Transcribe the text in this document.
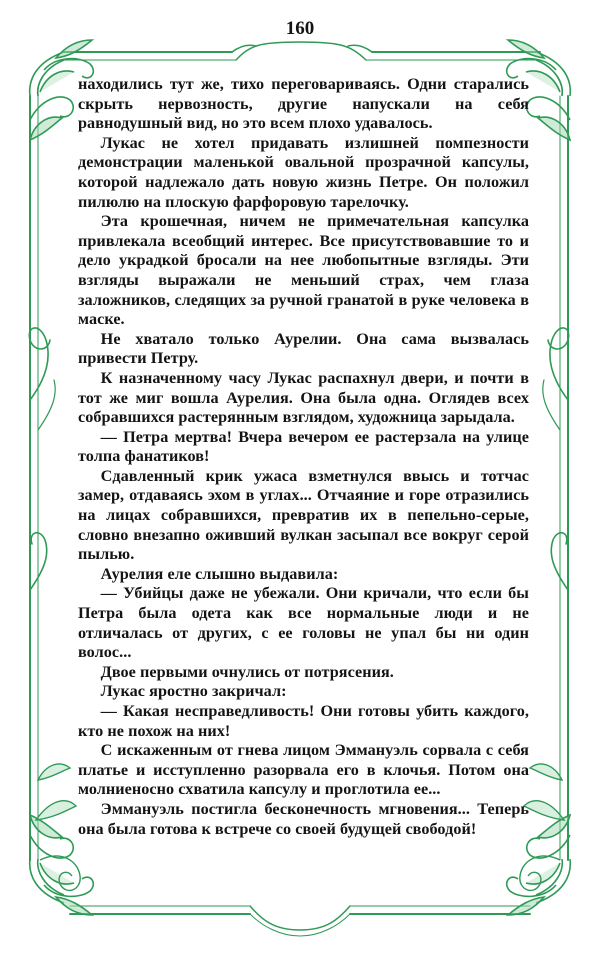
160

находились тут же, тихо переговариваясь. Одни старались скрыть нервозность, другие напускали на себя равнодушный вид, но это всем плохо удавалось.

Лукас не хотел придавать излишней помпезности демонстрации маленькой овальной прозрачной капсулы, которой надлежало дать новую жизнь Петре. Он положил пилюлю на плоскую фарфоровую тарелочку.

Эта крошечная, ничем не примечательная капсулка привлекала всеобщий интерес. Все присутствовавшие то и дело украдкой бросали на нее любопытные взгляды. Эти взгляды выражали не меньший страх, чем глаза заложников, следящих за ручной гранатой в руке человека в маске.

Не хватало только Аурелии. Она сама вызвалась привести Петру.

К назначенному часу Лукас распахнул двери, и почти в тот же миг вошла Аурелия. Она была одна. Оглядев всех собравшихся растерянным взглядом, художница зарыдала.

— Петра мертва! Вчера вечером ее растерзала на улице толпа фанатиков!

Сдавленный крик ужаса взметнулся ввысь и тотчас замер, отдаваясь эхом в углах... Отчаяние и горе отразились на лицах собравшихся, превратив их в пепельно-серые, словно внезапно оживший вулкан засыпал все вокруг серой пылью.

Аурелия еле слышно выдавила:

— Убийцы даже не убежали. Они кричали, что если бы Петра была одета как все нормальные люди и не отличалась от других, с ее головы не упал бы ни один волос...

Двое первыми очнулись от потрясения.

Лукас яростно закричал:

— Какая несправедливость! Они готовы убить каждого, кто не похож на них!

С искаженным от гнева лицом Эммануэль сорвала с себя платье и исступленно разорвала его в клочья. Потом она молниеносно схватила капсулу и проглотила ее...

Эммануэль постигла бесконечность мгновения... Теперь она была готова к встрече со своей будущей свободой!
